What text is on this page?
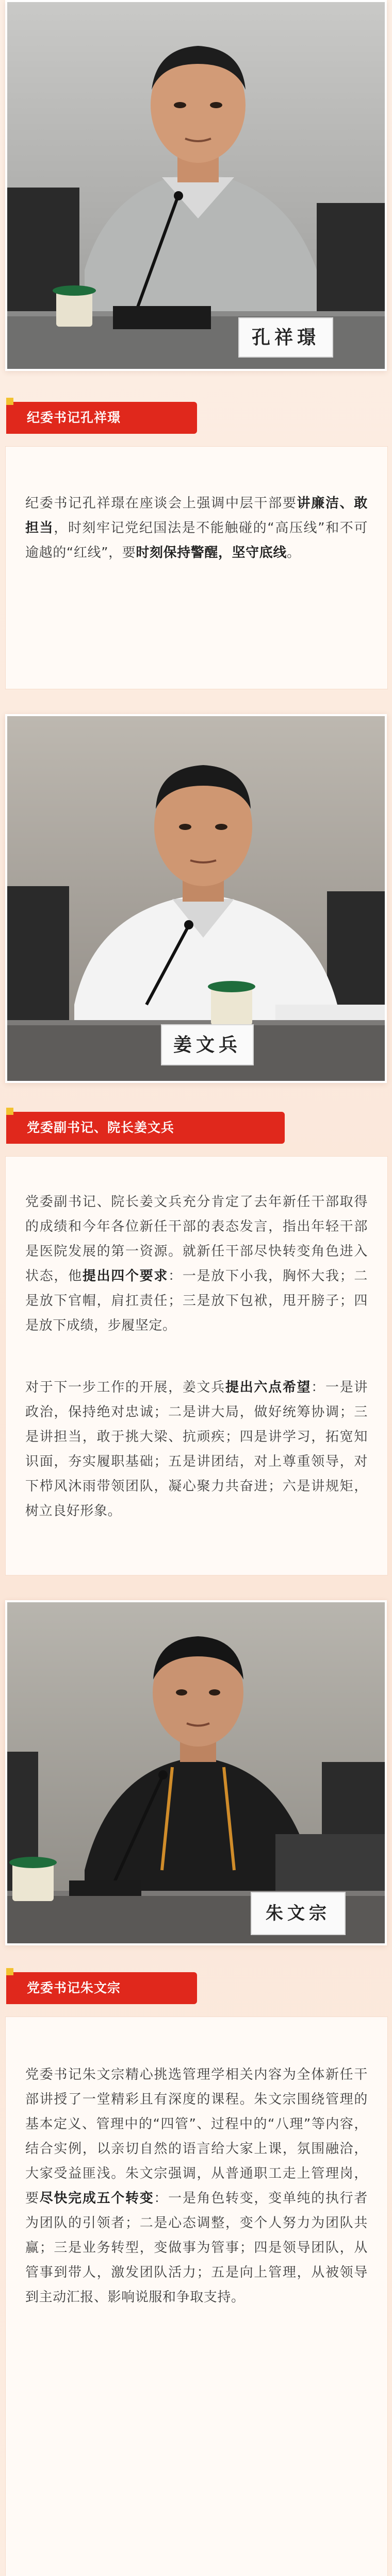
孔祥璟
纪委书记孔祥璟

纪委书记孔祥璟在座谈会上强调中层干部要讲廉洁、敢担当，时刻牢记党纪国法是不能触碰的“高压线”和不可逾越的“红线”，要时刻保持警醒，坚守底线。

姜文兵
党委副书记、院长姜文兵

党委副书记、院长姜文兵充分肯定了去年新任干部取得的成绩和今年各位新任干部的表态发言，指出年轻干部是医院发展的第一资源。就新任干部尽快转变角色进入状态，他提出四个要求：一是放下小我，胸怀大我；二是放下官帽，肩扛责任；三是放下包袱，甩开膀子；四是放下成绩，步履坚定。

对于下一步工作的开展，姜文兵提出六点希望：一是讲政治，保持绝对忠诚；二是讲大局，做好统筹协调；三是讲担当，敢于挑大梁、抗顽疾；四是讲学习，拓宽知识面，夯实履职基础；五是讲团结，对上尊重领导，对下栉风沐雨带领团队，凝心聚力共奋进；六是讲规矩，树立良好形象。

朱文宗
党委书记朱文宗

党委书记朱文宗精心挑选管理学相关内容为全体新任干部讲授了一堂精彩且有深度的课程。朱文宗围绕管理的基本定义、管理中的“四管”、过程中的“八理”等内容，结合实例，以亲切自然的语言给大家上课，氛围融洽，大家受益匪浅。朱文宗强调，从普通职工走上管理岗，要尽快完成五个转变：一是角色转变，变单纯的执行者为团队的引领者；二是心态调整，变个人努力为团队共赢；三是业务转型，变做事为管事；四是领导团队，从管事到带人，激发团队活力；五是向上管理，从被领导到主动汇报、影响说服和争取支持。
